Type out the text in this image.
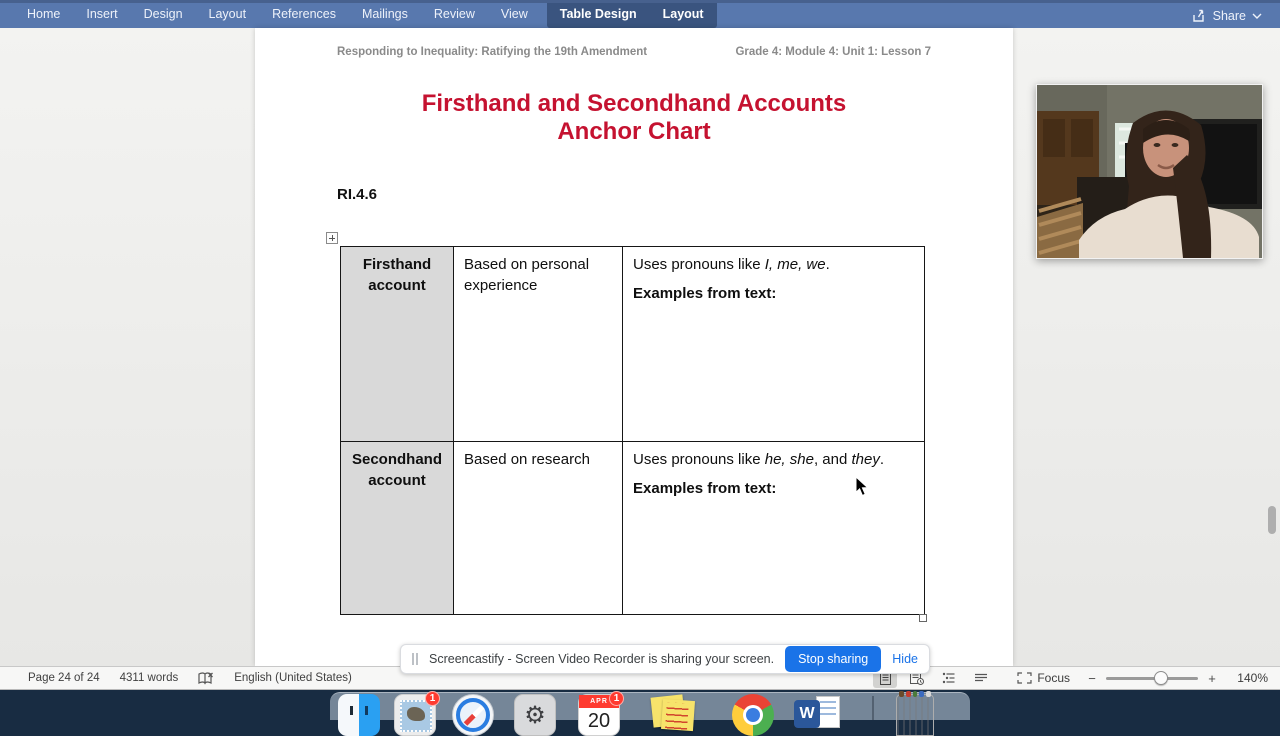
Home	Insert	Design	Layout	References	Mailings	Review	View	Table Design	Layout	Share
Responding to Inequality: Ratifying the 19th Amendment	Grade 4: Module 4: Unit 1: Lesson 7
Firsthand and Secondhand Accounts
Anchor Chart
RI.4.6
Firsthand account	Based on personal experience	Uses pronouns like I, me, we.
Examples from text:

Secondhand account	Based on research	Uses pronouns like he, she, and they.
Examples from text:
Screencastify - Screen Video Recorder is sharing your screen.	Stop sharing	Hide
Page 24 of 24 4311 words	English (United States)	Focus −	+	140%
1
⚙	APR
20
1
W
